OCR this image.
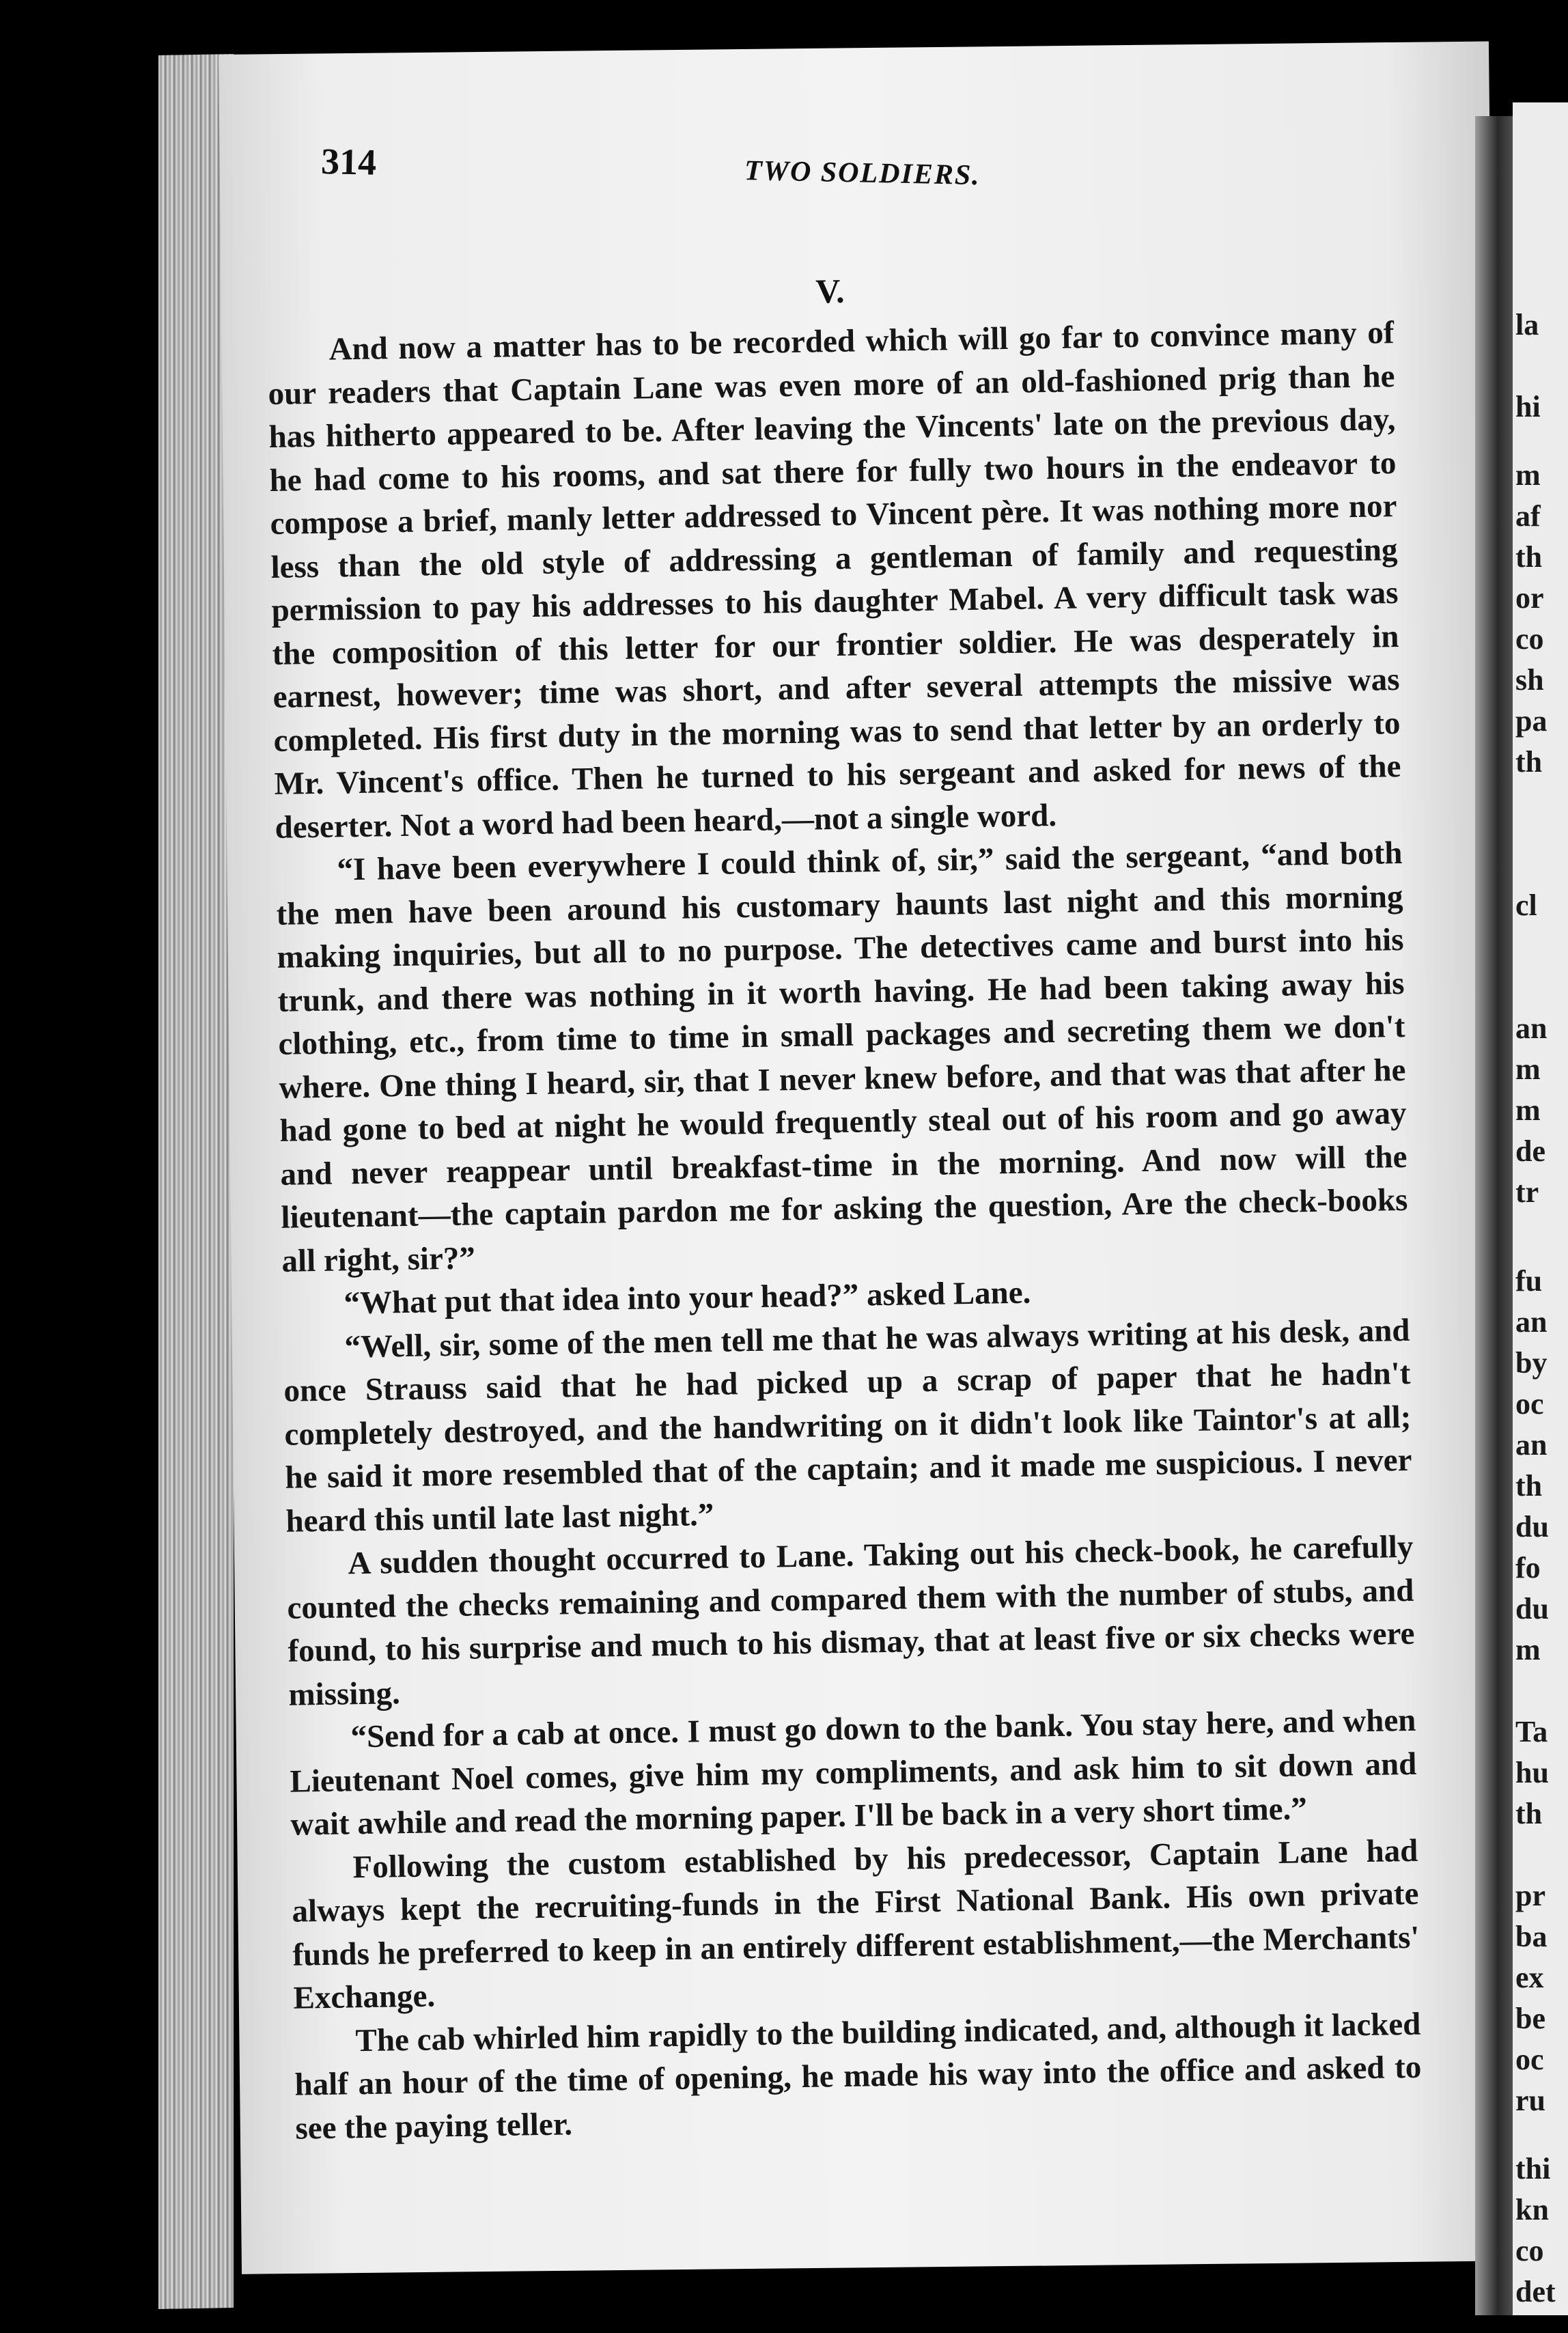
314	TWO SOLDIERS.
V.

And now a matter has to be recorded which will go far to convince many of our readers that Captain Lane was even more of an old-fashioned prig than he has hitherto appeared to be. After leaving the Vincents' late on the previous day, he had come to his rooms, and sat there for fully two hours in the endeavor to compose a brief, manly letter addressed to Vincent père. It was nothing more nor less than the old style of addressing a gentleman of family and requesting permission to pay his addresses to his daughter Mabel. A very difficult task was the composition of this letter for our frontier soldier. He was desperately in earnest, however; time was short, and after several attempts the missive was completed. His first duty in the morning was to send that letter by an orderly to Mr. Vincent's office. Then he turned to his sergeant and asked for news of the deserter. Not a word had been heard,—not a single word.

“I have been everywhere I could think of, sir,” said the sergeant, “and both the men have been around his customary haunts last night and this morning making inquiries, but all to no purpose. The detectives came and burst into his trunk, and there was nothing in it worth having. He had been taking away his clothing, etc., from time to time in small packages and secreting them we don't where. One thing I heard, sir, that I never knew before, and that was that after he had gone to bed at night he would frequently steal out of his room and go away and never reappear until breakfast-time in the morning. And now will the lieutenant—the captain pardon me for asking the question, Are the check-books all right, sir?”

“What put that idea into your head?” asked Lane.

“Well, sir, some of the men tell me that he was always writing at his desk, and once Strauss said that he had picked up a scrap of paper that he hadn't completely destroyed, and the handwriting on it didn't look like Taintor's at all; he said it more resembled that of the captain; and it made me suspicious. I never heard this until late last night.”

A sudden thought occurred to Lane. Taking out his check-book, he carefully counted the checks remaining and compared them with the number of stubs, and found, to his surprise and much to his dismay, that at least five or six checks were missing.

“Send for a cab at once. I must go down to the bank. You stay here, and when Lieutenant Noel comes, give him my compliments, and ask him to sit down and wait awhile and read the morning paper. I'll be back in a very short time.”

Following the custom established by his predecessor, Captain Lane had always kept the recruiting-funds in the First National Bank. His own private funds he preferred to keep in an entirely different establishment,—the Merchants' Exchange.

The cab whirled him rapidly to the building indicated, and, although it lacked half an hour of the time of opening, he made his way into the office and asked to see the paying teller.

la
hi
m
af
th
or
co
sh
pa
th
cl
an
m
m
de
tr
fu
an
by
oc
an
th
du
fo
du
m
Ta
hu
th
pr
ba
ex
be
oc
ru
thi
kn
co
det
